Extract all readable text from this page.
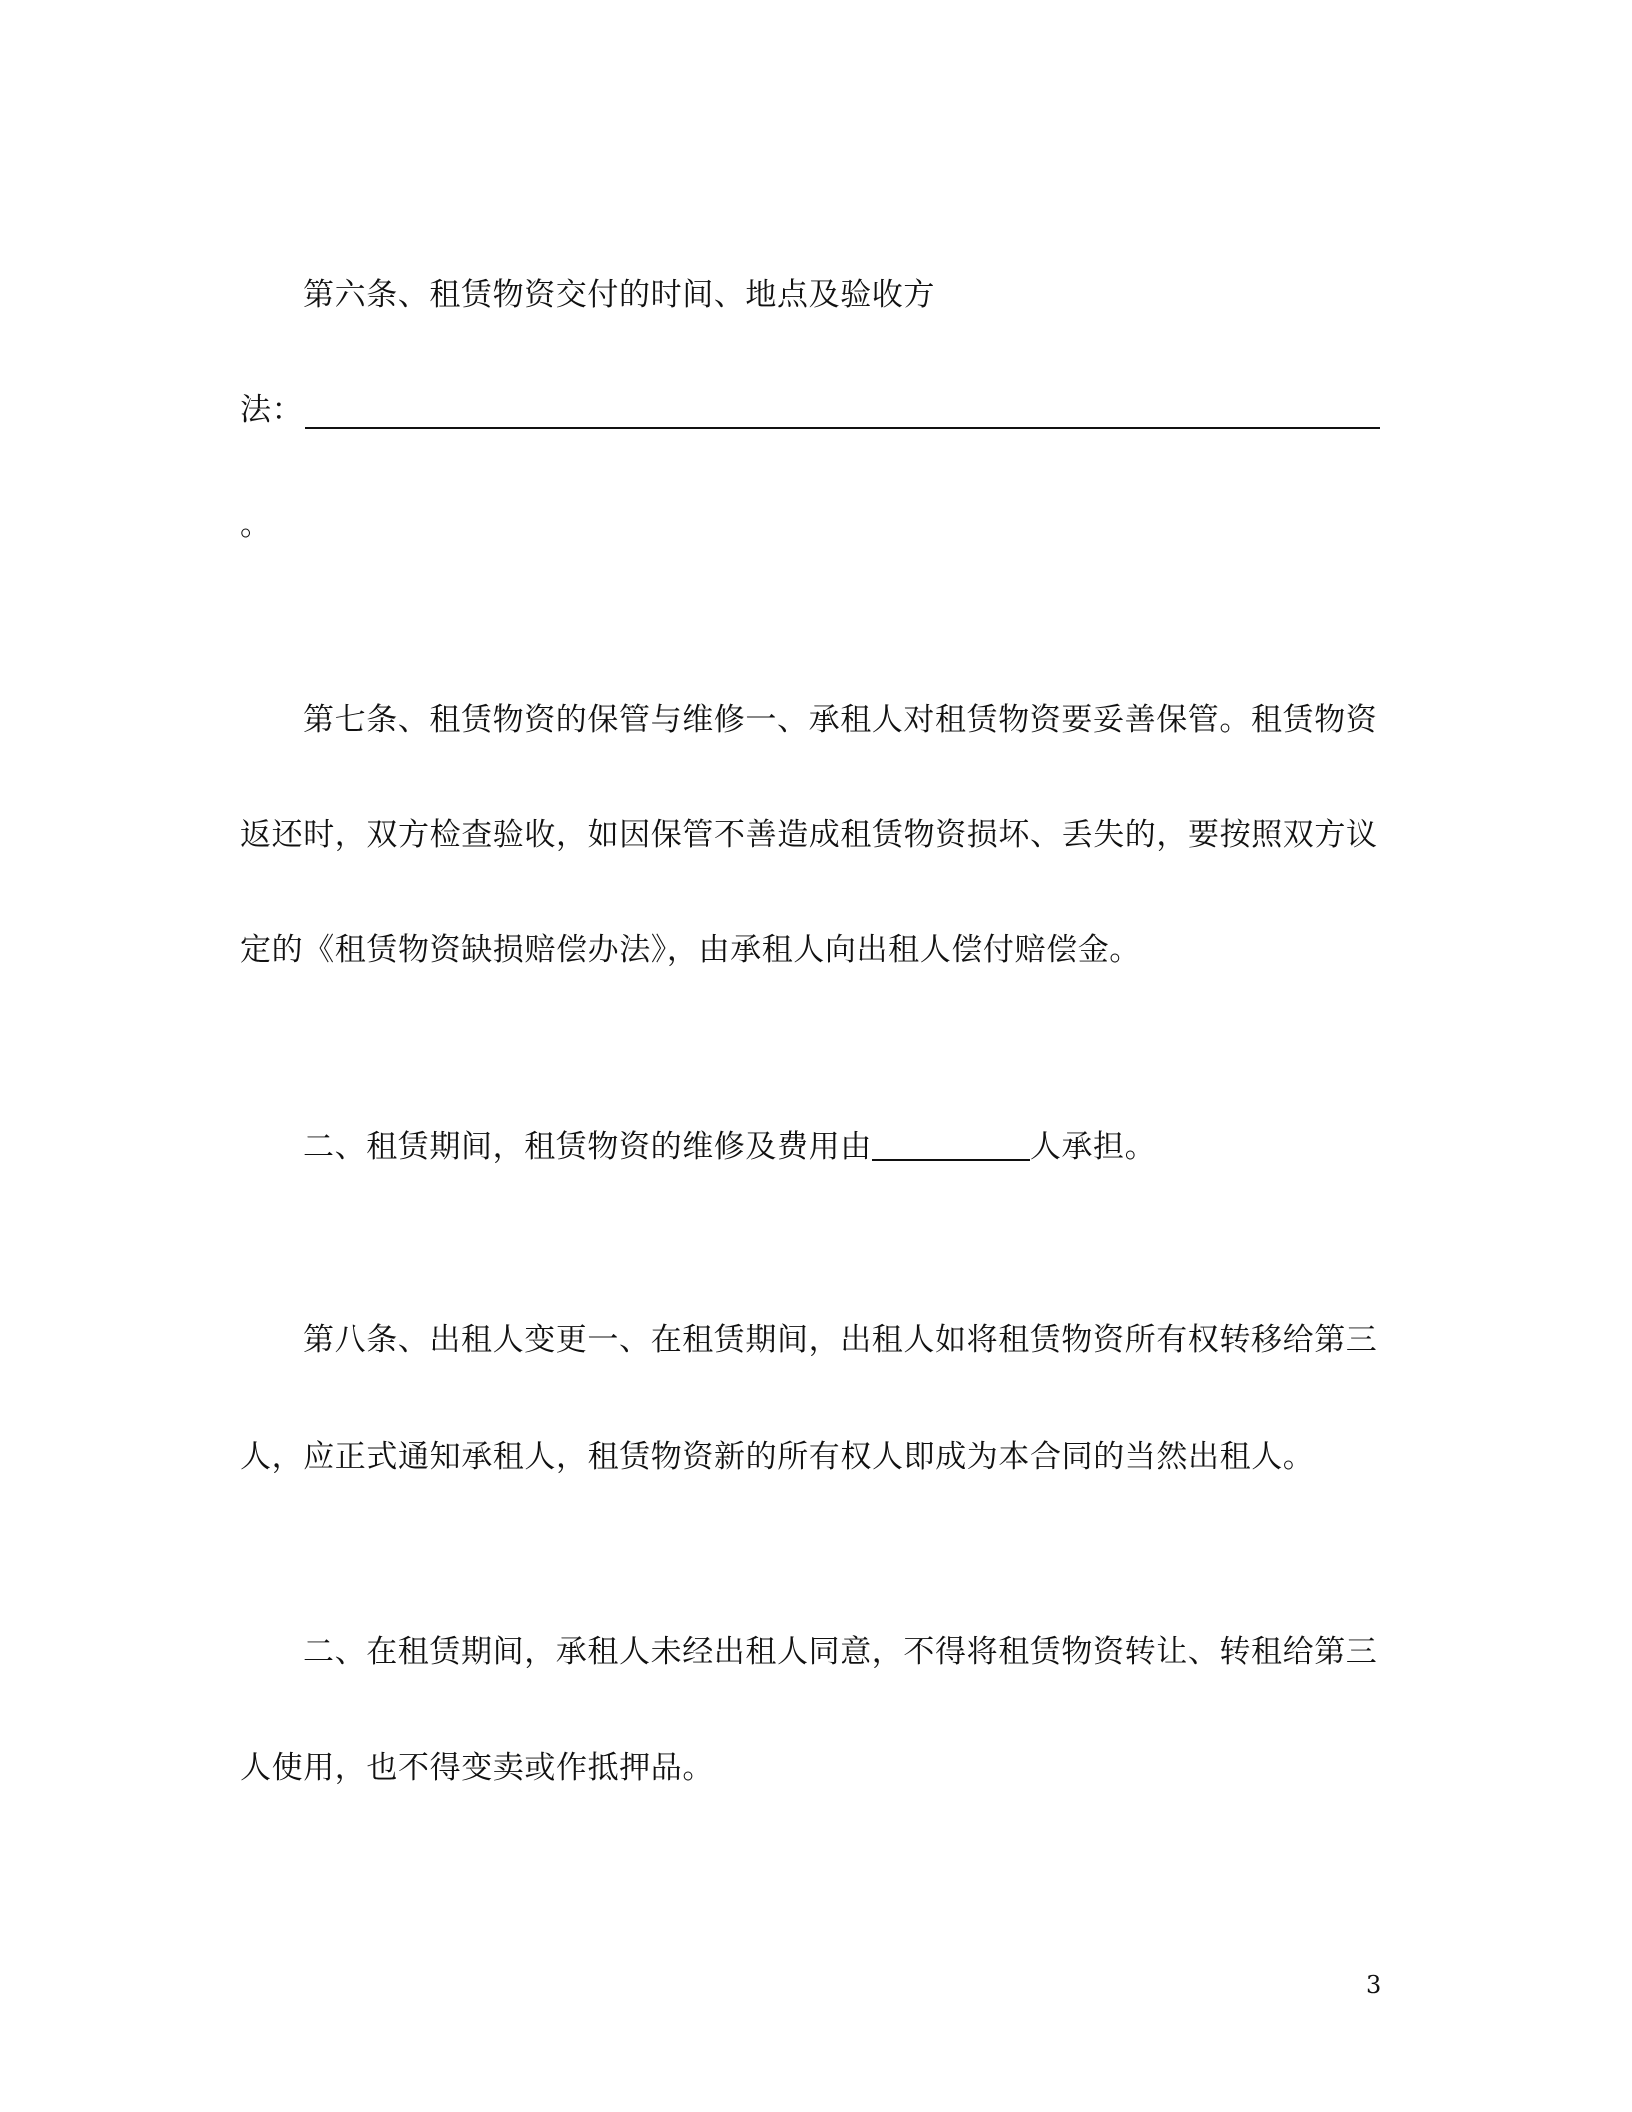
第六条、租赁物资交付的时间、地点及验收方
法：
。
第七条、租赁物资的保管与维修一、承租人对租赁物资要妥善保管。租赁物资
返还时，双方检查验收，如因保管不善造成租赁物资损坏、丢失的，要按照双方议
定的《租赁物资缺损赔偿办法》，由承租人向出租人偿付赔偿金。
二、租赁期间，租赁物资的维修及费用由	人承担。
第八条、出租人变更一、在租赁期间，出租人如将租赁物资所有权转移给第三
人，应正式通知承租人，租赁物资新的所有权人即成为本合同的当然出租人。
二、在租赁期间，承租人未经出租人同意，不得将租赁物资转让、转租给第三
人使用，也不得变卖或作抵押品。
3
